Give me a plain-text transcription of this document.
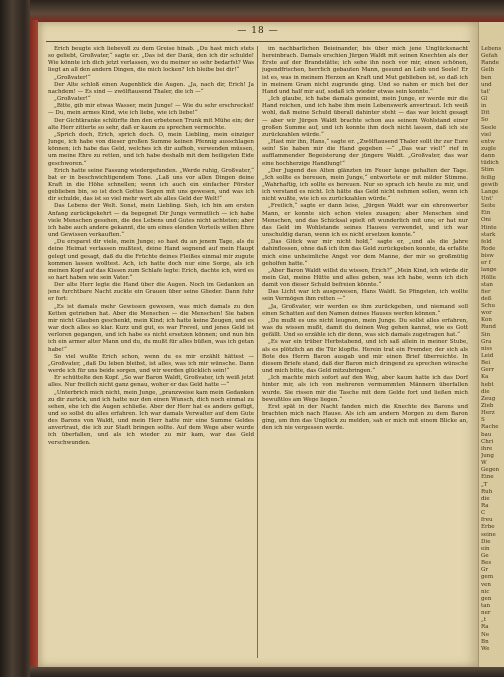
— 18 —

Erich beugte sich liebevoll zu dem Greise hinab. „Du hast mich stets so geliebt, Großvater,“ sagte er. „Das ist der Dank, den ich dir schulde! Wie könnte ich dich jetzt verlassen, wo du meiner so sehr bedarfst? Was liegt an all den andern Dingen, die mich locken? Ich bleibe bei dir!“

„Großvater!“

Der Alte schloß einen Augenblick die Augen. „Ja, nach dir, Erich! Ja nachdem! — Es sind — zwölftausend Thaler, die ich —“

„Großvater!“

„Bitte, gib mir etwas Wasser, mein Junge! — Wie du sehr erschreckst! — Du, mein armes Kind, wie ich liebe, wie ich liebe!“

Der Gichtkranke schlürfte ihm den erbetenen Trunk mit Mühe ein; der alte Herr zitterte so sehr, daß er kaum zu sprechen vermochte.

„Sprich doch, Erich, sprich doch. O, mein Liebling, mein einziger Junge, ich habe von dieser großen Summe keinen Pfennig ausschlagen können; ich habe das Geld, welches ich dir aufhob, verwenden müssen, um meine Ehre zu retten, und ich habe deshalb mit dem heiligsten Eide geschworen.“

Erich hatte seine Fassung wiedergefunden. „Werde ruhig, Großvater,“ bat er in beschwichtigendem Tone. „Laß uns vor allen Dingen deine Kraft in die Höhe schnellen; wenn ich auch ein einfacher Förster geblieben bin, so ist doch Gottes Segen mit uns gewesen, und was ich dir schulde, das ist so viel mehr wert als alles Geld der Welt!“

Das Lebens der Welt. Sonst, mein Liebling. Sieh, ich bin am ersten Anfang zurückgekehrt — da begegnet Dir Jungs vermutlich — ich habe viele Menschen gesehen, die des Lebens und Gutes nicht achteten; aber ich habe auch andere gekannt, die um eines elenden Vorteils willen Ehre und Gewissen verkauften.“

„Du ersparst dir viele, mein Junge; so hast du an jenem Tage, als du deine Heimat verlassen mußtest, deine Hand segnend auf mein Haupt gelegt und gesagt, daß du die Früchte deines Fleißes einmal mir zugute kommen lassen wolltest. Ach, ich hatte doch nur eine Sorge, als ich meinen Kopf auf das Kissen zum Schlafe legte: Erich, dachte ich, wird es so hart haben wie sein Vater.“

Der alte Herr legte die Hand über die Augen. Noch im Gedanken an jene furchtbare Nacht zuckte ein Grauen über seine Glieder. Dann fuhr er fort:

„Es ist damals mehr Gewissen gewesen, was mich damals zu den Ketten getrieben hat. Aber die Menschen — die Menschen! Sie haben mir nicht Glauben geschenkt, mein Kind; ich hatte keine Zeugen, und es war doch alles so klar. Kurz und gut, es war Frevel, und jenes Geld ist verloren gegangen, und ich habe es nicht ersetzen können; und nun bin ich ein armer alter Mann und du, du mußt für alles büßen, was ich getan habe!“

So viel wußte Erich schon, wenn du es mir erzählt hättest — „Großvater, „daß Du leben bleibst, ist alles, was ich mir wünsche. Dann werde ich für uns beide sorgen, und wir werden glücklich sein!“

Er schüttelte den Kopf. „So war Baron Waldt, Großvater, ich weiß jetzt alles. Nur freilich nicht ganz genau, woher er das Geld hatte —“

„Unterbrich mich nicht, mein Junge, „pranzweise kam mein Gedanken zu dir zurück, und ich hatte nur den einen Wunsch, dich noch einmal zu sehen, ehe ich die Augen schließe. Aber der Herr hat es anders gefügt, und so sollst du alles erfahren. Ich war damals Verwalter auf dem Gute des Barons von Waldt, und mein Herr hatte mir eine Summe Geldes anvertraut, die ich zur Stadt bringen sollte. Auf dem Wege aber wurde ich überfallen, und als ich wieder zu mir kam, war das Geld verschwunden.

im nachbarlichen Beieinander, bis über mich jene Unglücksnacht hereinbrach. Damals erschien Jürgen Waldt mit seinen Knechten als der Erste auf der Brandstätte; ich sehe ihn noch vor mir, einen schönen, jugendfrischen, herrlich gebauten Mann, gesund an Leib und Seele! Er ist es, was in meinem Herzen an Kraft und Mut geblieben ist, so daß ich in meinem Gram nicht zugrunde ging. Und so nahm er mich bei der Hand und half mir auf, sodaß ich wieder etwas sein konnte.“

„Ich glaube, ich habe damals gemeint, mein Junge, er werde mir die Hand reichen, und ich habe ihm mein Lebenswerk anvertraut. Ich weiß wohl, daß meine Schuld überall dahinter steht — das war leicht gesagt — aber wir Jürgen Waldt brachte schon aus seinem Wohlstand einer großen Summe auf, und ich konnte ihm doch nicht lassen, daß ich sie zurückzahlen würde.“

„Hast mir ihn, Hans,“ sagte er. „Zwölftausend Thaler sollt ihr zur Eure sein! Sie haben mir die Hand gegeben —“ „Das war viel!“ rief in aufflammender Begeisterung der jüngere Waldt. „Großvater, das war eine hochherzige Handlung!“

„Der Jugend des Alten glänzten im Feuer lange gehalten der Tage. „Ich sollte es bereuen, mein Junge,“ entwortete er mit milder Stimme. „Wahrhaftig, ich sollte es bereuen. Nur so sprach ich heute zu mir, und ich verstand es nicht. Ich hätte das Geld nicht nehmen sollen, wenn ich nicht wußte, wie ich es zurückzahlen würde.“

„Freilich,“ sagte er dann leise, „Jürgen Waldt war ein ehrenwerter Mann, er konnte sich schon vieles zusagen; aber Menschen sind Menschen, und das Schicksal spielt oft wunderlich mit uns; er hat nur das Geld im Wohlstande seines Hauses verwendet, und ich war unschuldig daran, wenn ich es nicht ersetzen konnte.“

„Das Glück war mir nicht hold,“ sagte er, „und als die Jahre dahinflossen, ohne daß ich ihm das Geld zurückgeben konnte, da erfaßte mich eine unheimliche Angst vor dem Manne, der mir so großmütig geholfen hatte.“

„Aber Baron Waldt willst du wissen, Erich?“ „Mein Kind, ich würde dir mein Gut, meine Hütte und alles geben, was ich habe, wenn ich dich damit von dieser Schuld befreien könnte.“

Das Licht war ich ausgewesen, Hans Waldt. So Pfingsten, ich wollte sein Vermögen ihm retten —“

„Ja, Großvater, wir werden es ihm zurückgeben, und niemand soll einen Schatten auf den Namen deines Hauses werfen können.“

„Du mußt es uns nicht leugnen, mein Junge. Du sollst alles erfahren, was du wissen mußt, damit du deinen Weg gehen kannst, wie es Gott gefällt. Und so erzähle ich dir denn, was sich damals zugetragen hat.“

„Es war ein trüber Herbstabend, und ich saß allein in meiner Stube, als es plötzlich an die Tür klopfte. Herein trat ein Fremder, der sich als Bote des Herrn Baron ausgab und mir einen Brief überreichte. In diesem Briefe stand, daß der Baron mich dringend zu sprechen wünsche und mich bitte, das Geld mitzubringen.“

„Ich machte mich sofort auf den Weg, aber kaum hatte ich das Dorf hinter mir, als ich von mehreren vermummten Männern überfallen wurde. Sie rissen mir die Tasche mit dem Gelde fort und ließen mich bewußtlos am Wege liegen.“

Erst spät in der Nacht fanden mich die Knechte des Barons und brachten mich nach Hause. Als ich am andern Morgen zu dem Baron ging, um ihm das Unglück zu melden, sah er mich mit einem Blicke an, den ich nie vergessen werde.

Lebens
Gefah
Rande
Gelb
ben
und
tat'
Gl
in
Dit
So
Seele
viel
entw
zugle
dann
tüdich
Stim
feilig
gewib
Lange
Unt'
Seite
Ein
Oni
Hinte
stark
feld
Rode
bisw
er f
lange
Hölle
stan
fier
deß
Schu
wor
Kon
Rund
Sin
Gra
niss
Leid
Bei
Gerr
Ka
hebt
die
Zeug
Zieb
Herz
S
Rache
bau
Chri
ihre
Jung
W
Gegen
Eine
„T
Ruh
die
Ra
C
freu
Erbe
seine
Die
ein
Ge
Bes
Gr
gem
ven
nic
gen
tan
ner
„t
Ra
Ne
Bn
We
